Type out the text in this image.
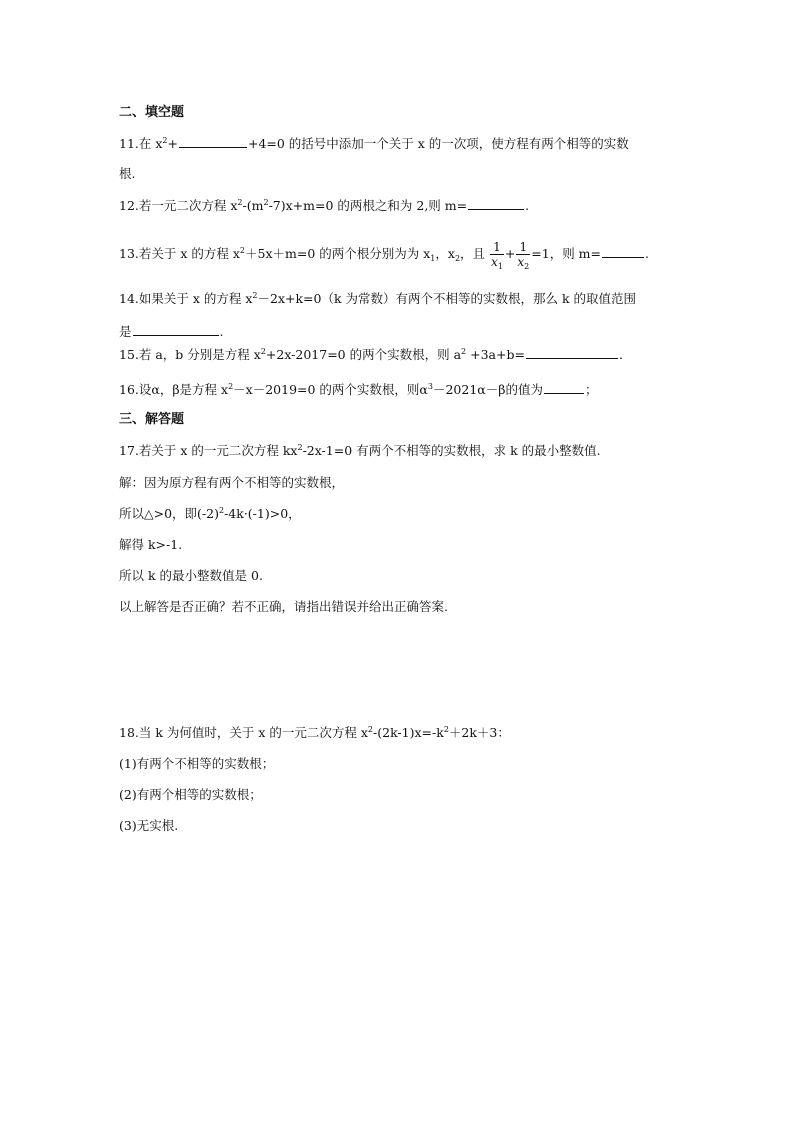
二、填空题
11.在 $x^2+$	+4=0 的括号中添加一个关于 x 的一次项，使方程有两个相等的实数
根.
12.若一元二次方程 $x^2-(m^2-7)x+m=0$ 的两根之和为 2,则 m=	.
13.若关于 x 的方程 $x^2+5x+m=0$ 的两个根分别为为 $x_1$，$x_2$，且 $\frac{1}{x_1} + \frac{1}{x_2} =1$，则 m=	.
14.如果关于 x 的方程 $x^2-2x+k=0(k$ 为常数）有两个不相等的实数根，那么 k 的取值范围
是	.
15.若 a，b 分别是方程 $x^2+2x-2017=0$ 的两个实数根，则 $a^2 +3a+b=$	.
16.设α，β是方程 $x^2-x-2019=0$ 的两个实数根，则$\alpha^3-2021\alpha-\beta$的值为	；
三、解答题
17.若关于 x 的一元二次方程 $kx^2-2x-1=0$ 有两个不相等的实数根，求 k 的最小整数值.
解：因为原方程有两个不相等的实数根，
所以△>0，即$(-2)^2-4k\cdot(-1)>0$，
解得 k>-1.
所以 k 的最小整数值是 0.
以上解答是否正确？若不正确，请指出错误并给出正确答案.
18.当 k 为何值时，关于 x 的一元二次方程 $x^2-(2k-1)x=-k^2+2k+3$：
(1)有两个不相等的实数根；
(2)有两个相等的实数根；
(3)无实根.
